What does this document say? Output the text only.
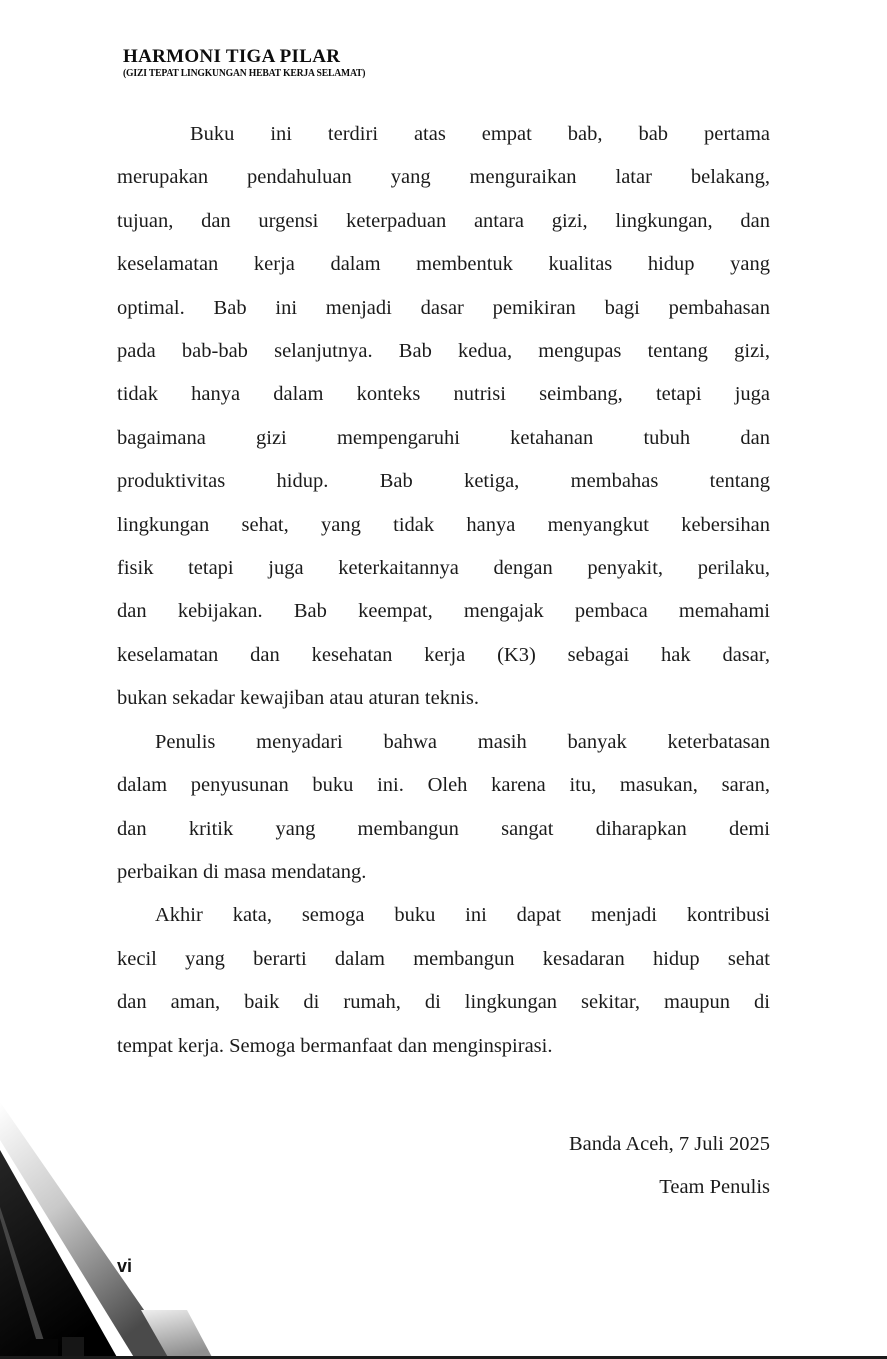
HARMONI TIGA PILAR
(GIZI TEPAT LINGKUNGAN HEBAT KERJA SELAMAT)
Buku ini terdiri atas empat bab, bab pertama
merupakan pendahuluan yang menguraikan latar belakang,
tujuan, dan urgensi keterpaduan antara gizi, lingkungan, dan
keselamatan kerja dalam membentuk kualitas hidup yang
optimal. Bab ini menjadi dasar pemikiran bagi pembahasan
pada bab-bab selanjutnya. Bab kedua, mengupas tentang gizi,
tidak hanya dalam konteks nutrisi seimbang, tetapi juga
bagaimana gizi mempengaruhi ketahanan tubuh dan
produktivitas hidup. Bab ketiga, membahas tentang
lingkungan sehat, yang tidak hanya menyangkut kebersihan
fisik tetapi juga keterkaitannya dengan penyakit, perilaku,
dan kebijakan. Bab keempat, mengajak pembaca memahami
keselamatan dan kesehatan kerja (K3) sebagai hak dasar,
bukan sekadar kewajiban atau aturan teknis.
Penulis menyadari bahwa masih banyak keterbatasan
dalam penyusunan buku ini. Oleh karena itu, masukan, saran,
dan kritik yang membangun sangat diharapkan demi
perbaikan di masa mendatang.
Akhir kata, semoga buku ini dapat menjadi kontribusi
kecil yang berarti dalam membangun kesadaran hidup sehat
dan aman, baik di rumah, di lingkungan sekitar, maupun di
tempat kerja. Semoga bermanfaat dan menginspirasi.
Banda Aceh, 7 Juli 2025
Team Penulis
vi
